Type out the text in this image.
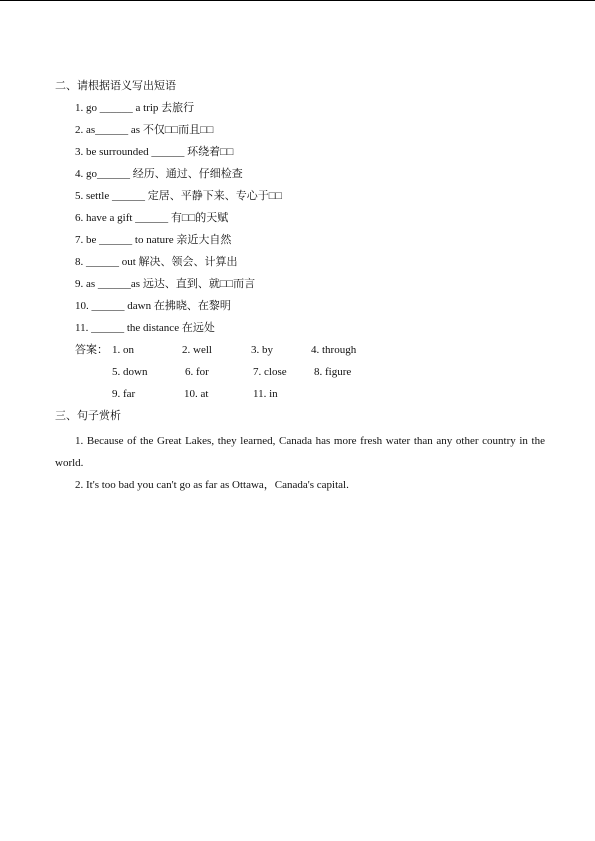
二、请根据语义写出短语
1. go ______ a trip 去旅行
2. as______ as 不仅□□而且□□
3. be surrounded ______ 环绕着□□
4. go______ 经历、通过、仔细检查
5. settle ______ 定居、平静下来、专心于□□
6. have a gift ______ 有□□的天赋
7. be ______ to nature 亲近大自然
8. ______ out 解决、领会、计算出
9. as ______as 远达、直到、就□□而言
10. ______ dawn 在拂晓、在黎明
11. ______ the distance 在远处
答案： 1. on	2. well	3. by	4. through
5. down	6. for	7. close 8. figure
9. far	10. at	11. in
三、句子赏析
1. Because of the Great Lakes, they learned, Canada has more fresh water than any other country in the world.
2. It's too bad you can't go as far as Ottawa，Canada's capital.
